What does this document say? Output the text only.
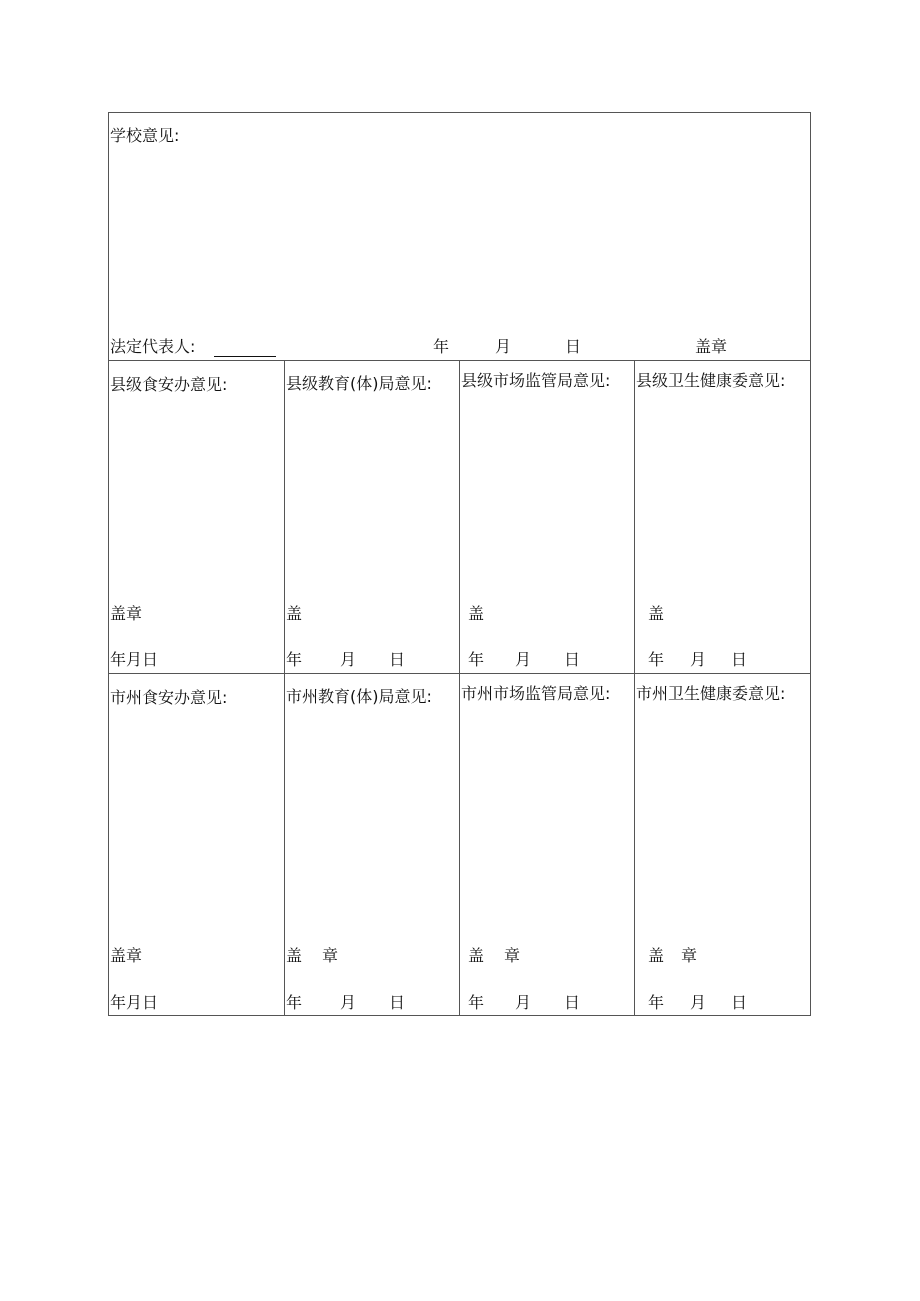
学校意见:
法定代表人:	年	月	日	盖章
县级食安办意见:
盖章
年月日
县级教育(体)局意见:
盖
年 月 日
县级市场监管局意见:
盖
年 月 日
县级卫生健康委意见:
盖
年 月 日
市州食安办意见:
盖章
年月日
市州教育(体)局意见:
盖 章
年 月 日
市州市场监管局意见:
盖 章
年 月 日
市州卫生健康委意见:
盖 章
年 月 日
